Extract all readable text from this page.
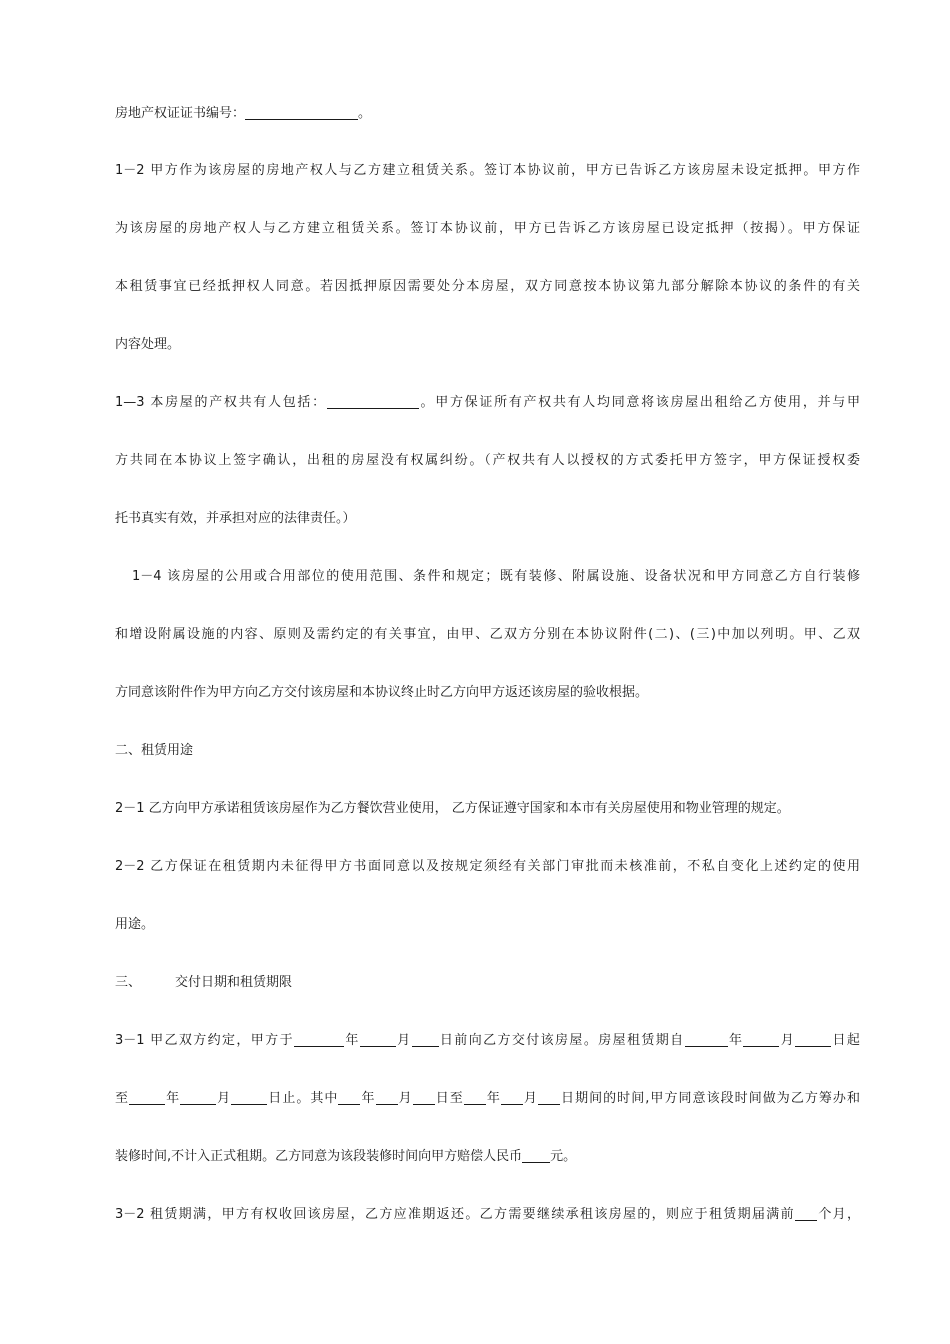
房地产权证证书编号：	。
1－2 甲方作为该房屋的房地产权人与乙方建立租赁关系。签订本协议前，甲方已告诉乙方该房屋未设定抵押。甲方作
为该房屋的房地产权人与乙方建立租赁关系。签订本协议前，甲方已告诉乙方该房屋已设定抵押（按揭）。甲方保证
本租赁事宜已经抵押权人同意。若因抵押原因需要处分本房屋，双方同意按本协议第九部分解除本协议的条件的有关
内容处理。
1—3 本房屋的产权共有人包括：	。甲方保证所有产权共有人均同意将该房屋出租给乙方使用，并与甲
方共同在本协议上签字确认，出租的房屋没有权属纠纷。（产权共有人以授权的方式委托甲方签字，甲方保证授权委
托书真实有效，并承担对应的法律责任。）
1－4 该房屋的公用或合用部位的使用范围、条件和规定；既有装修、附属设施、设备状况和甲方同意乙方自行装修
和增设附属设施的内容、原则及需约定的有关事宜，由甲、乙双方分别在本协议附件(二)、(三)中加以列明。甲、乙双
方同意该附件作为甲方向乙方交付该房屋和本协议终止时乙方向甲方返还该房屋的验收根据。
二、租赁用途
2－1 乙方向甲方承诺租赁该房屋作为乙方餐饮营业使用， 乙方保证遵守国家和本市有关房屋使用和物业管理的规定。
2－2 乙方保证在租赁期内未征得甲方书面同意以及按规定须经有关部门审批而未核准前，不私自变化上述约定的使用
用途。
三、	交付日期和租赁期限
3－1 甲乙双方约定，甲方于	年	月 日前向乙方交付该房屋。房屋租赁期自	年	月	日起
至	年	月	日止。其中 年 月 日至 年 月 日期间的时间,甲方同意该段时间做为乙方筹办和
装修时间,不计入正式租期。乙方同意为该段装修时间向甲方赔偿人民币 元。
3－2 租赁期满，甲方有权收回该房屋，乙方应准期返还。乙方需要继续承租该房屋的，则应于租赁期届满前 个月，
